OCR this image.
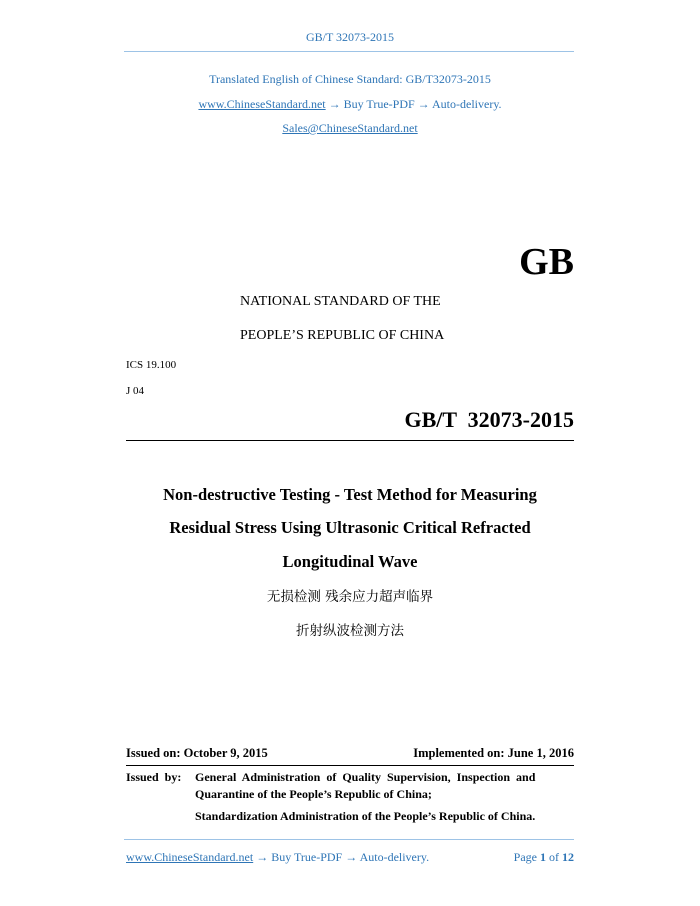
GB/T 32073-2015
Translated English of Chinese Standard: GB/T32073-2015
www.ChineseStandard.net → Buy True-PDF → Auto-delivery.
Sales@ChineseStandard.net
GB
NATIONAL STANDARD OF THE
PEOPLE’S REPUBLIC OF CHINA
ICS 19.100
J 04
GB/T  32073-2015
Non-destructive Testing - Test Method for Measuring
Residual Stress Using Ultrasonic Critical Refracted
Longitudinal Wave
无损检测 残余应力超声临界
折射纵波检测方法
Issued on: October 9, 2015	Implemented on: June 1, 2016
Issued  by: General  Administration  of  Quality  Supervision,  Inspection  and
Quarantine of the People’s Republic of China;
Standardization Administration of the People’s Republic of China.
www.ChineseStandard.net → Buy True-PDF → Auto-delivery.	Page 1 of 12
